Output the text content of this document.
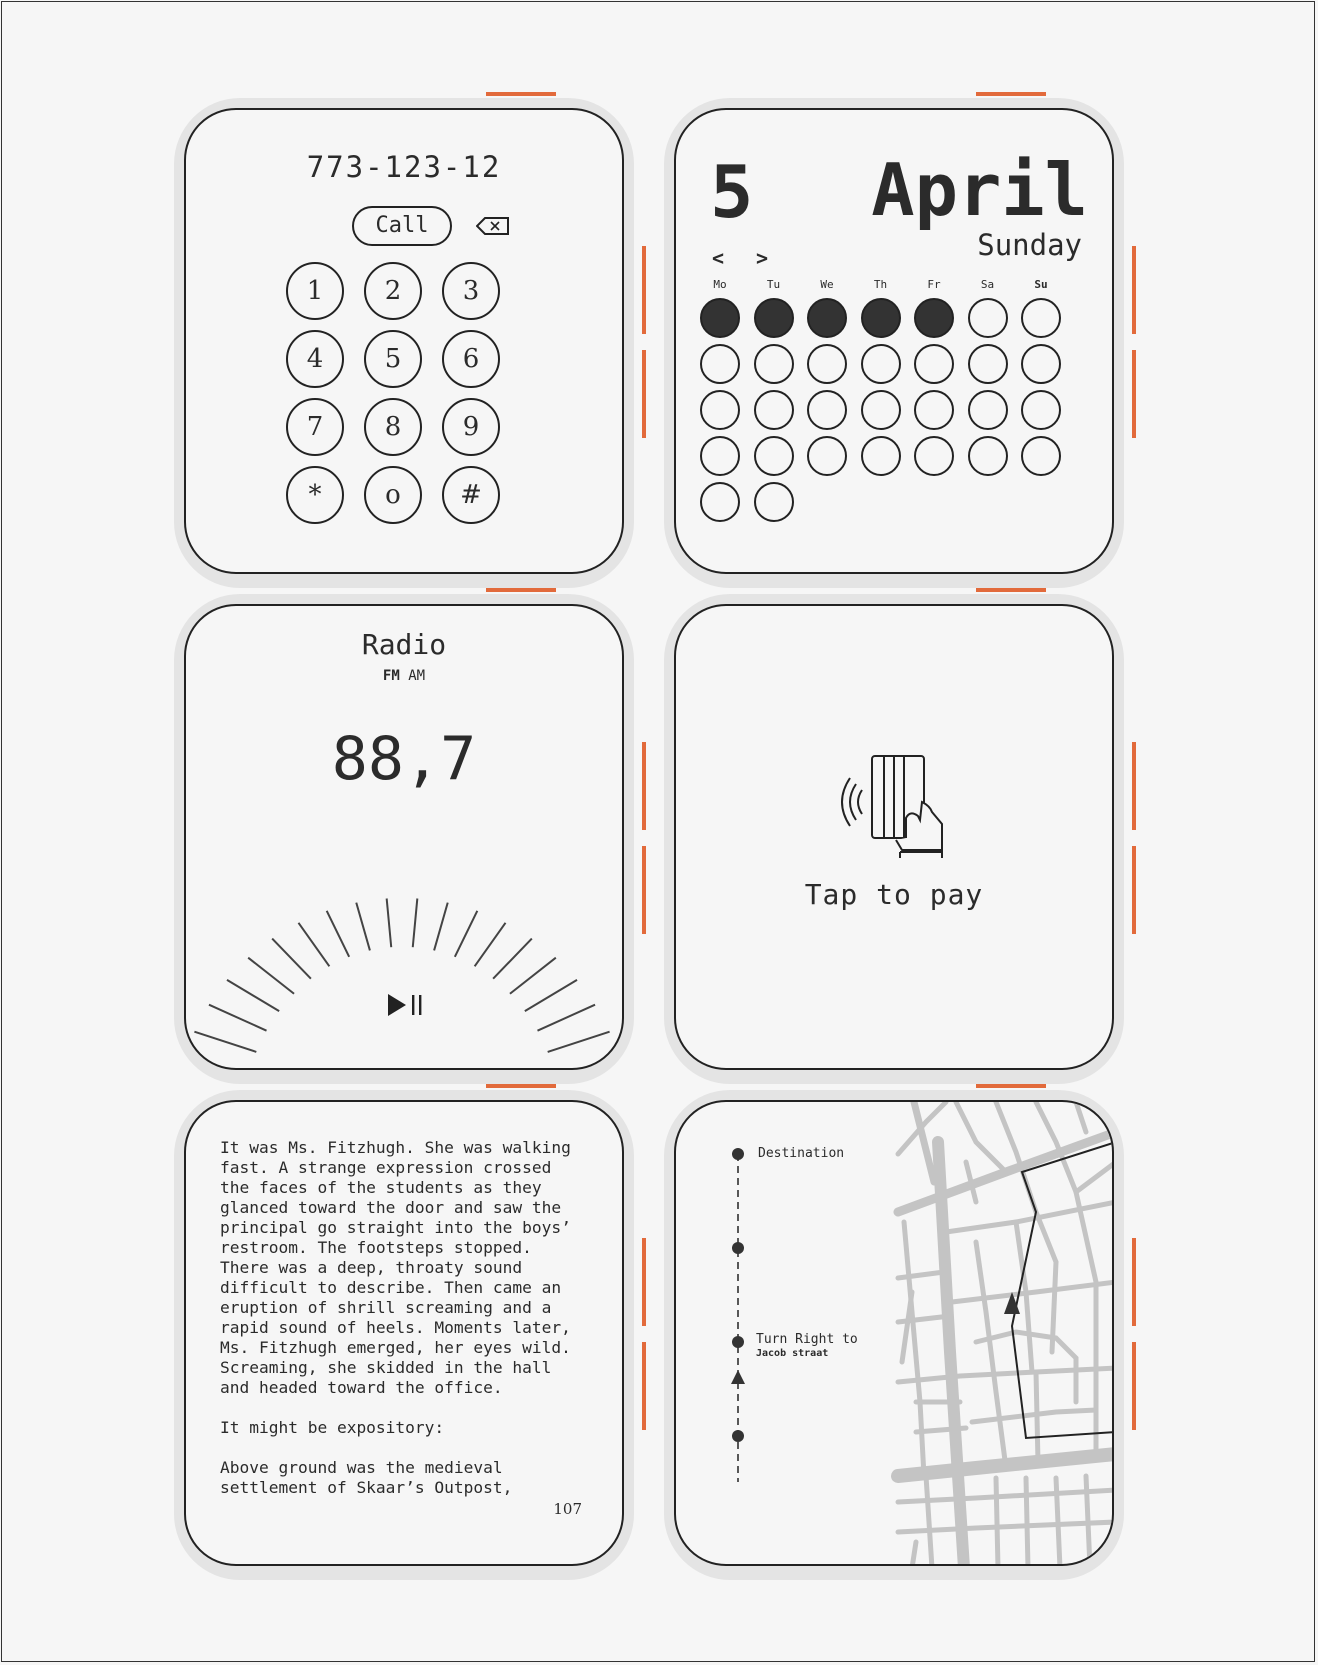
773-123-12
Call
1	2	3
4	5	6
7	8	9
*	o	#
5 April
Sunday
< >
Mo	Tu	We	Th	Fr	Sa	Su
Radio
FM AM
88,7
Tap to pay
It was Ms. Fitzhugh. She was walking
fast. A strange expression crossed
the faces of the students as they
glanced toward the door and saw the
principal go straight into the boys’
restroom. The footsteps stopped.
There was a deep, throaty sound
difficult to describe. Then came an
eruption of shrill screaming and a
rapid sound of heels. Moments later,
Ms. Fitzhugh emerged, her eyes wild.
Screaming, she skidded in the hall
and headed toward the office.

It might be expository:

Above ground was the medieval
settlement of Skaar’s Outpost,
107
Destination
Turn Right to
Jacob straat
